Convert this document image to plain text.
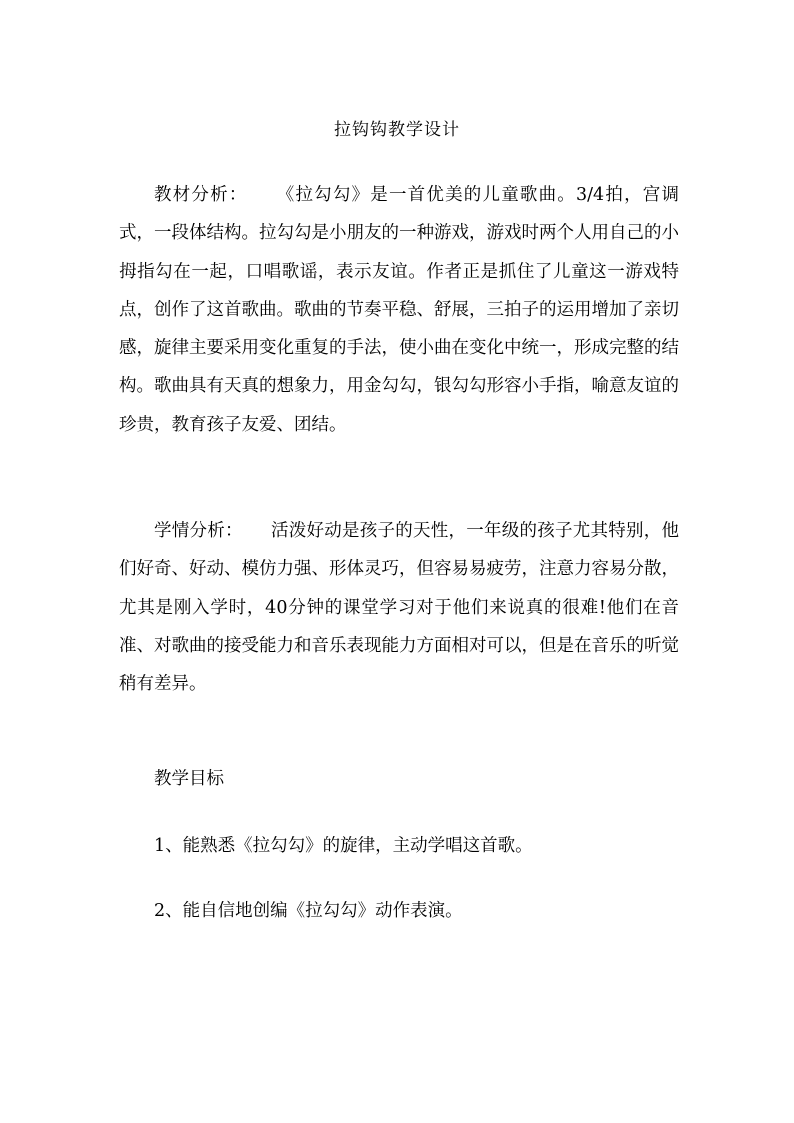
拉钩钩教学设计

教材分析： 《拉勾勾》是一首优美的儿童歌曲。3/4拍，宫调式，一段体结构。拉勾勾是小朋友的一种游戏，游戏时两个人用自己的小拇指勾在一起，口唱歌谣，表示友谊。作者正是抓住了儿童这一游戏特点，创作了这首歌曲。歌曲的节奏平稳、舒展，三拍子的运用增加了亲切感，旋律主要采用变化重复的手法，使小曲在变化中统一，形成完整的结构。歌曲具有天真的想象力，用金勾勾，银勾勾形容小手指，喻意友谊的珍贵，教育孩子友爱、团结。

学情分析： 活泼好动是孩子的天性，一年级的孩子尤其特别，他们好奇、好动、模仿力强、形体灵巧，但容易易疲劳，注意力容易分散，尤其是刚入学时，40分钟的课堂学习对于他们来说真的很难!他们在音准、对歌曲的接受能力和音乐表现能力方面相对可以，但是在音乐的听觉稍有差异。

教学目标

1、能熟悉《拉勾勾》的旋律，主动学唱这首歌。

2、能自信地创编《拉勾勾》动作表演。
